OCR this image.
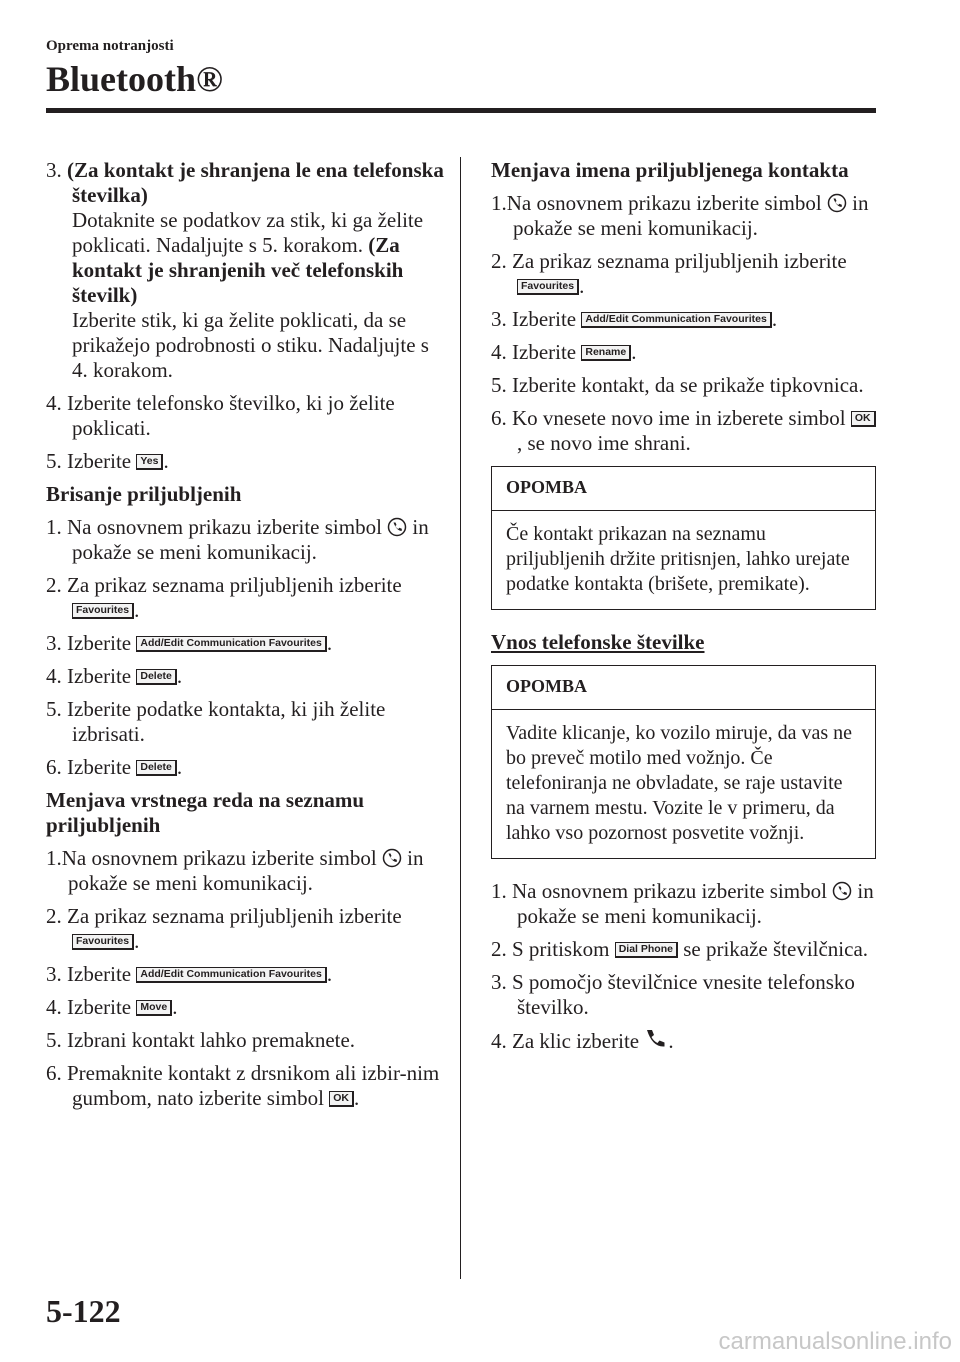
Oprema notranjosti
Bluetooth®
3. (Za kontakt je shranjena le ena telefonska številka)
Dotaknite se podatkov za stik, ki ga želite poklicati. Nadaljujte s 5. korakom. (Za kontakt je shranjenih več telefonskih številk)
Izberite stik, ki ga želite poklicati, da se prikažejo podrobnosti o stiku. Nadaljujte s 4. korakom.
4. Izberite telefonsko številko, ki jo želite poklicati.
5. Izberite Yes .
Brisanje priljubljenih
1. Na osnovnem prikazu izberite simbol in pokaže se meni komunikacij.
2. Za prikaz seznama priljubljenih izberite Favourites .
3. Izberite Add/Edit Communication Favourites .
4. Izberite Delete .
5. Izberite podatke kontakta, ki jih želite izbrisati.
6. Izberite Delete .
Menjava vrstnega reda na seznamu priljubljenih
1.Na osnovnem prikazu izberite simbol in pokaže se meni komunikacij.
2. Za prikaz seznama priljubljenih izberite Favourites .
3. Izberite Add/Edit Communication Favourites .
4. Izberite Move .
5. Izbrani kontakt lahko premaknete.
6. Premaknite kontakt z drsnikom ali izbir-nim gumbom, nato izberite simbol OK .
Menjava imena priljubljenega kontakta
1.Na osnovnem prikazu izberite simbol in pokaže se meni komunikacij.
2. Za prikaz seznama priljubljenih izberite Favourites .
3. Izberite Add/Edit Communication Favourites .
4. Izberite Rename .
5. Izberite kontakt, da se prikaže tipkovnica.
6. Ko vnesete novo ime in izberete simbol OK, se novo ime shrani.
OPOMBA
Če kontakt prikazan na seznamu priljubljenih držite pritisnjen, lahko urejate podatke kontakta (brišete, premikate).
Vnos telefonske številke
OPOMBA
Vadite klicanje, ko vozilo miruje, da vas ne bo preveč motilo med vožnjo. Če telefoniranja ne obvladate, se raje ustavite na varnem mestu. Vozite le v primeru, da lahko vso pozornost posvetite vožnji.
1. Na osnovnem prikazu izberite simbol in pokaže se meni komunikacij.
2. S pritiskom Dial Phone se prikaže številčnica.
3. S pomočjo številčnice vnesite telefonsko številko.
4. Za klic izberite .
5-122
carmanualsonline.info
